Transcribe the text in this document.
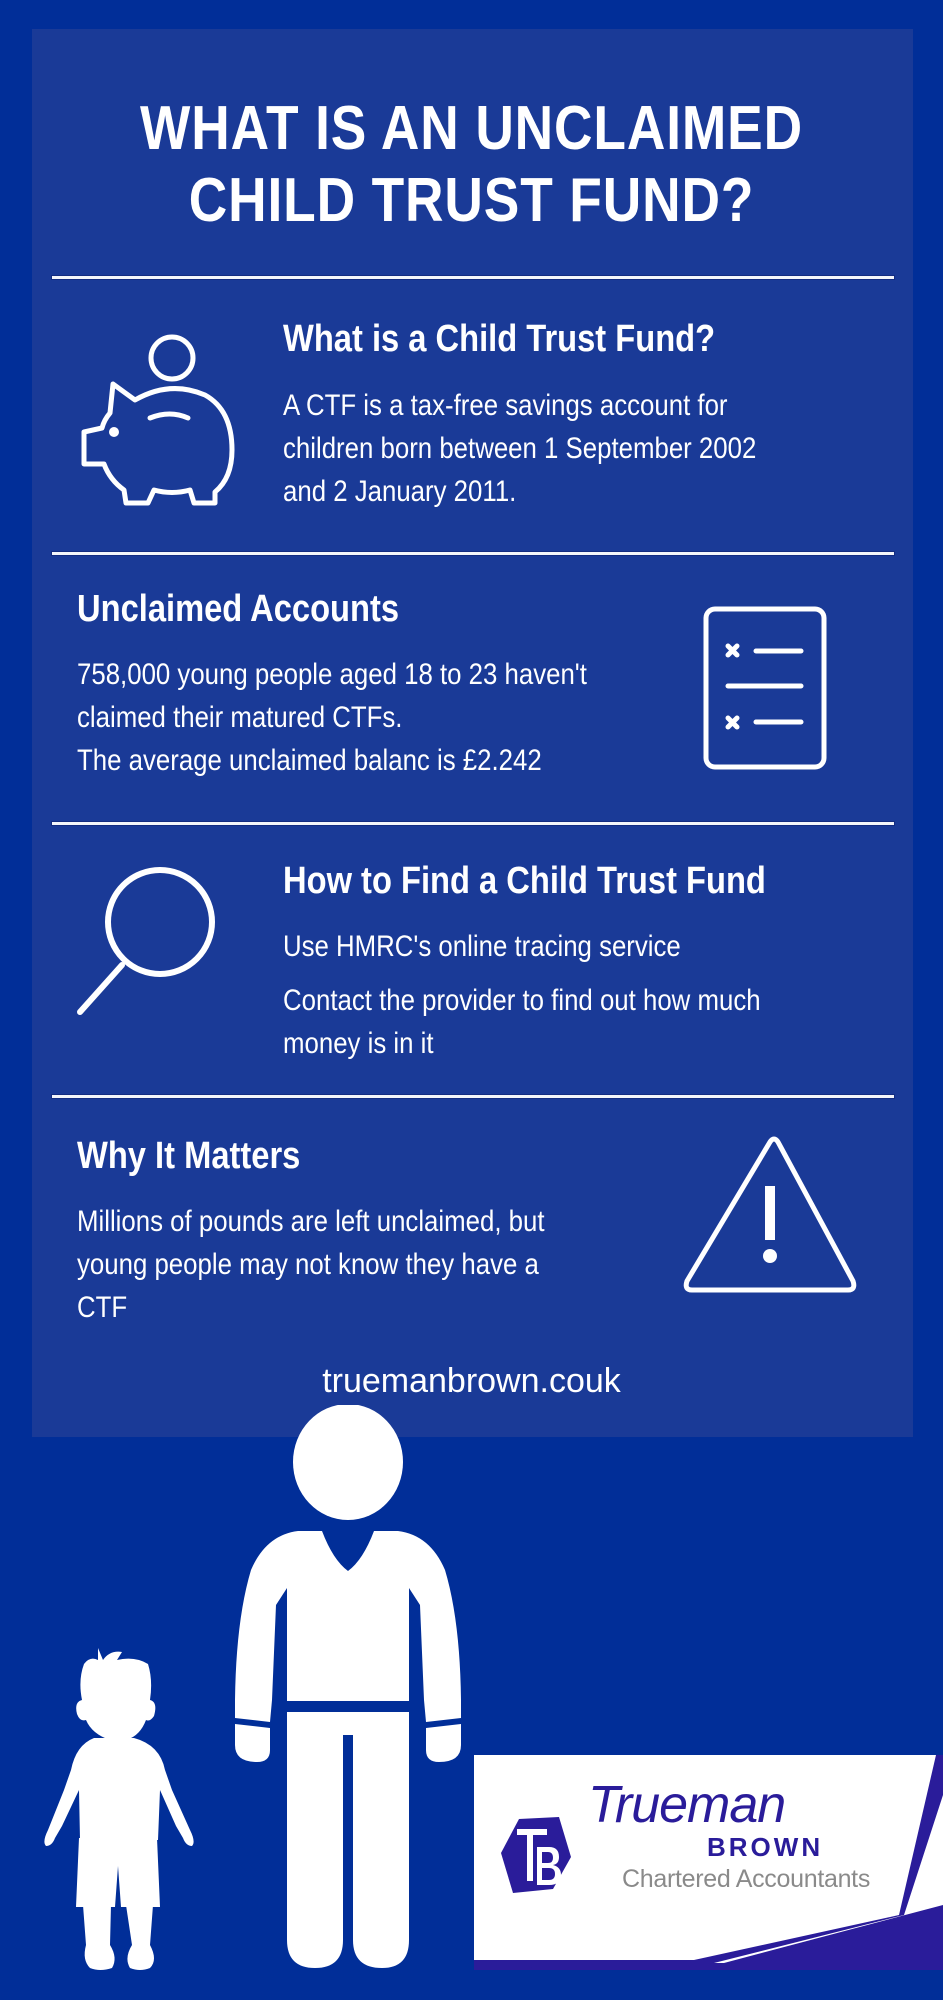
WHAT IS AN UNCLAIMED
CHILD TRUST FUND?
What is a Child Trust Fund?
A CTF is a tax-free savings account for
children born between 1 September 2002
and 2 January 2011.
Unclaimed Accounts
758,000 young people aged 18 to 23 haven't
claimed their matured CTFs.
The average unclaimed balanc is £2.242
How to Find a Child Trust Fund
Use HMRC's online tracing service
Contact the provider to find out how much
money is in it
Why It Matters
Millions of pounds are left unclaimed, but
young people may not know they have a
CTF
truemanbrown.couk
Trueman
BROWN
Chartered Accountants
